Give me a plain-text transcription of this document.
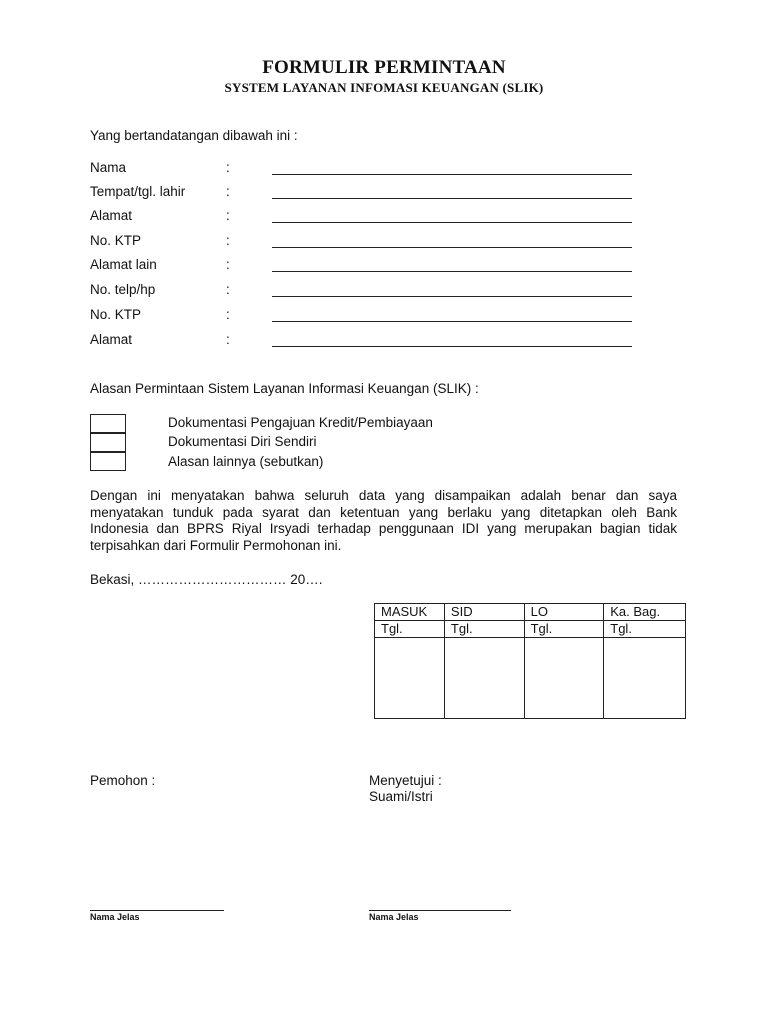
FORMULIR PERMINTAAN
SYSTEM LAYANAN INFOMASI KEUANGAN (SLIK)
Yang bertandatangan dibawah ini :
Nama	:
Tempat/tgl. lahir	:
Alamat	:
No. KTP	:
Alamat lain	:
No. telp/hp	:
No. KTP	:
Alamat	:
Alasan Permintaan Sistem Layanan Informasi Keuangan (SLIK) :
Dokumentasi Pengajuan Kredit/Pembiayaan
Dokumentasi Diri Sendiri
Alasan lainnya (sebutkan)
Dengan ini menyatakan bahwa seluruh data yang disampaikan adalah benar dan saya menyatakan tunduk pada syarat dan ketentuan yang berlaku yang ditetapkan oleh Bank Indonesia dan BPRS Riyal Irsyadi terhadap penggunaan IDI yang merupakan bagian tidak terpisahkan dari Formulir Permohonan ini.
Bekasi, …………………………… 20….
MASUK	SID	LO	Ka. Bag.
Tgl.	Tgl.	Tgl.	Tgl.

Pemohon :	Menyetujui :
Suami/Istri
Nama Jelas	Nama Jelas
